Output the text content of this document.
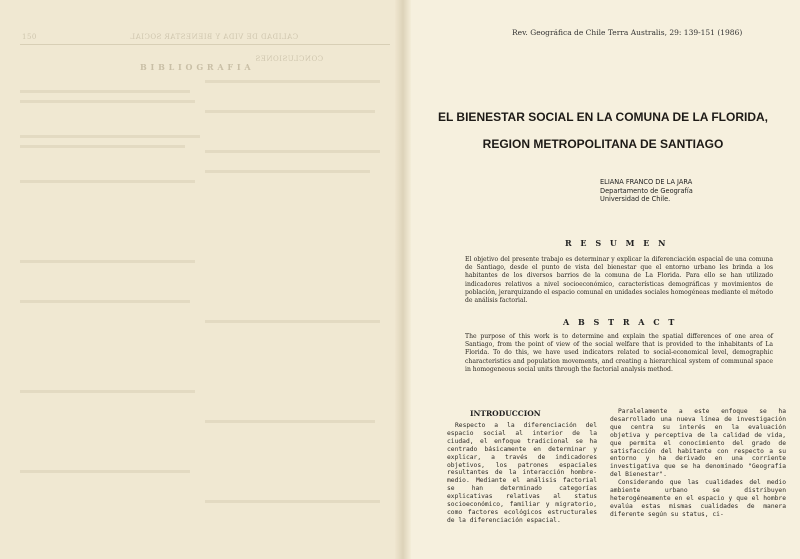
150	CALIDAD DE VIDA Y BIENESTAR SOCIAL
B I B L I O G R A F I A
CONCLUSIONES
Rev. Geográfica de Chile Terra Australis, 29: 139-151 (1986)
EL BIENESTAR SOCIAL EN LA COMUNA DE LA FLORIDA,
REGION METROPOLITANA DE SANTIAGO
ELIANA FRANCO DE LA JARA
Departamento de Geografía
Universidad de Chile.
R E S U M E N
El objetivo del presente trabajo es determinar y explicar la diferenciación espacial de una comuna de Santiago, desde el punto de vista del bienestar que el entorno urbano les brinda a los habitantes de los diversos barrios de la comuna de La Florida. Para ello se han utilizado indicadores relativos a nivel socioeconómico, características demográficas y movimientos de población, jerarquizando el espacio comunal en unidades sociales homogéneas mediante el método de análisis factorial.
A B S T R A C T
The purpose of this work is to determine and explain the spatial differences of one area of Santiago, from the point of view of the social welfare that is provided to the inhabitants of La Florida. To do this, we have used indicators related to social-economical level, demographic characteristics and population movements, and creating a hierarchical system of communal space in homogeneous social units through the factorial analysis method.
INTRODUCCION
Respecto a la diferenciación del espacio social al interior de la ciudad, el enfoque tradicional se ha centrado básicamente en determinar y explicar, a través de indicadores objetivos, los patrones espaciales resultantes de la interacción hombre-medio. Mediante el análisis factorial se han determinado categorías explicativas relativas al status socioeconómico, familiar y migratorio, como factores ecológicos estructurales de la diferenciación espacial.
Paralelamente a este enfoque se ha desarrollado una nueva línea de investigación que centra su interés en la evaluación objetiva y perceptiva de la calidad de vida, que permita el conocimiento del grado de satisfacción del habitante con respecto a su entorno y ha derivado en una corriente investigativa que se ha denominado "Geografía del Bienestar".
Considerando que las cualidades del medio ambiente urbano se distribuyen heterogéneamente en el espacio y que el hombre evalúa estas mismas cualidades de manera diferente según su status, ci-
